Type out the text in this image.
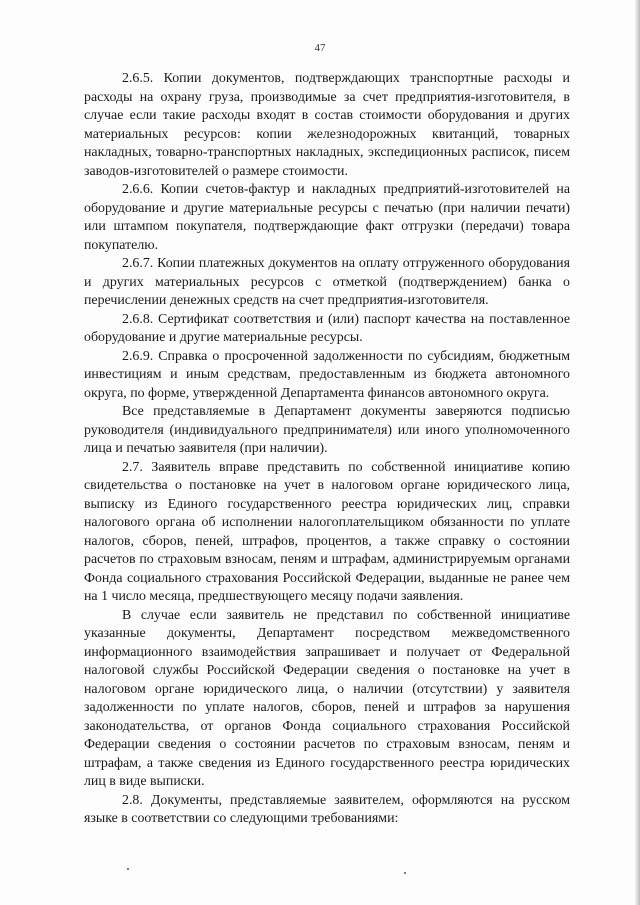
47

2.6.5. Копии документов, подтверждающих транспортные расходы и расходы на охрану груза, производимые за счет предприятия-изготовителя, в случае если такие расходы входят в состав стоимости оборудования и других материальных ресурсов: копии железнодорожных квитанций, товарных накладных, товарно-транспортных накладных, экспедиционных расписок, писем заводов-изготовителей о размере стоимости.

2.6.6. Копии счетов-фактур и накладных предприятий-изготовителей на оборудование и другие материальные ресурсы с печатью (при наличии печати) или штампом покупателя, подтверждающие факт отгрузки (передачи) товара покупателю.

2.6.7. Копии платежных документов на оплату отгруженного оборудования и других материальных ресурсов с отметкой (подтверждением) банка о перечислении денежных средств на счет предприятия-изготовителя.

2.6.8. Сертификат соответствия и (или) паспорт качества на поставленное оборудование и другие материальные ресурсы.

2.6.9. Справка о просроченной задолженности по субсидиям, бюджетным инвестициям и иным средствам, предоставленным из бюджета автономного округа, по форме, утвержденной Департамента финансов автономного округа.

Все представляемые в Департамент документы заверяются подписью руководителя (индивидуального предпринимателя) или иного уполномоченного лица и печатью заявителя (при наличии).

2.7. Заявитель вправе представить по собственной инициативе копию свидетельства о постановке на учет в налоговом органе юридического лица, выписку из Единого государственного реестра юридических лиц, справки налогового органа об исполнении налогоплательщиком обязанности по уплате налогов, сборов, пеней, штрафов, процентов, а также справку о состоянии расчетов по страховым взносам, пеням и штрафам, администрируемым органами Фонда социального страхования Российской Федерации, выданные не ранее чем на 1 число месяца, предшествующего месяцу подачи заявления.

В случае если заявитель не представил по собственной инициативе указанные документы, Департамент посредством межведомственного информационного взаимодействия запрашивает и получает от Федеральной налоговой службы Российской Федерации сведения о постановке на учет в налоговом органе юридического лица, о наличии (отсутствии) у заявителя задолженности по уплате налогов, сборов, пеней и штрафов за нарушения законодательства, от органов Фонда социального страхования Российской Федерации сведения о состоянии расчетов по страховым взносам, пеням и штрафам, а также сведения из Единого государственного реестра юридических лиц в виде выписки.

2.8. Документы, представляемые заявителем, оформляются на русском языке в соответствии со следующими требованиями:
